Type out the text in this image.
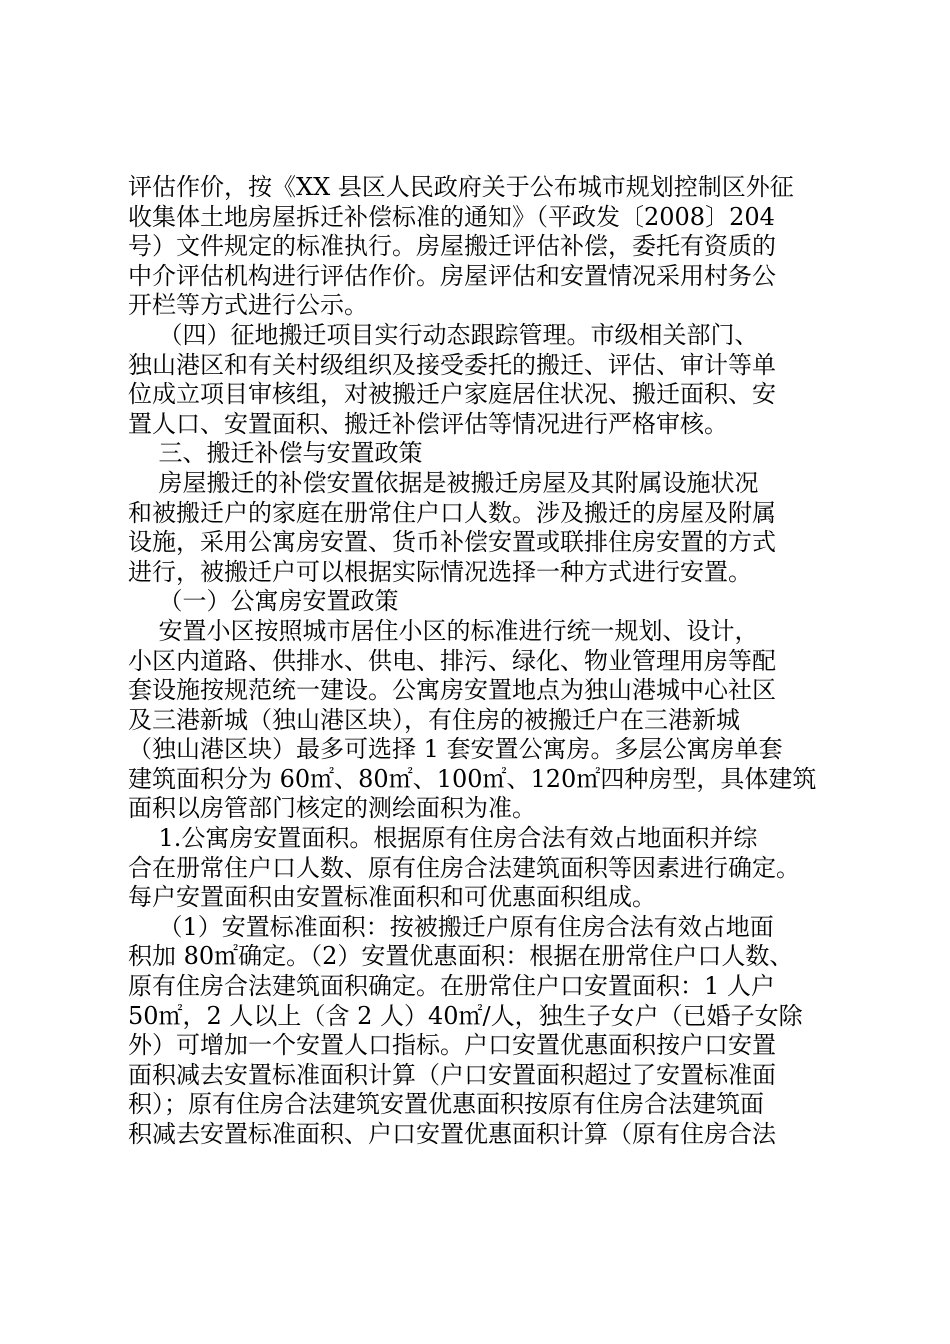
评估作价，按《XX 县区人民政府关于公布城市规划控制区外征
收集体土地房屋拆迁补偿标准的通知》（平政发〔2008〕204
号）文件规定的标准执行。房屋搬迁评估补偿，委托有资质的
中介评估机构进行评估作价。房屋评估和安置情况采用村务公
开栏等方式进行公示。
（四）征地搬迁项目实行动态跟踪管理。市级相关部门、
独山港区和有关村级组织及接受委托的搬迁、评估、审计等单
位成立项目审核组，对被搬迁户家庭居住状况、搬迁面积、安
置人口、安置面积、搬迁补偿评估等情况进行严格审核。
三、搬迁补偿与安置政策
房屋搬迁的补偿安置依据是被搬迁房屋及其附属设施状况
和被搬迁户的家庭在册常住户口人数。涉及搬迁的房屋及附属
设施，采用公寓房安置、货币补偿安置或联排住房安置的方式
进行，被搬迁户可以根据实际情况选择一种方式进行安置。
（一）公寓房安置政策
安置小区按照城市居住小区的标准进行统一规划、设计，
小区内道路、供排水、供电、排污、绿化、物业管理用房等配
套设施按规范统一建设。公寓房安置地点为独山港城中心社区
及三港新城（独山港区块），有住房的被搬迁户在三港新城
（独山港区块）最多可选择 1 套安置公寓房。多层公寓房单套
建筑面积分为 60㎡、80㎡、100㎡、120㎡四种房型，具体建筑
面积以房管部门核定的测绘面积为准。
1.公寓房安置面积。根据原有住房合法有效占地面积并综
合在册常住户口人数、原有住房合法建筑面积等因素进行确定。
每户安置面积由安置标准面积和可优惠面积组成。
（1）安置标准面积：按被搬迁户原有住房合法有效占地面
积加 80㎡确定。（2）安置优惠面积：根据在册常住户口人数、
原有住房合法建筑面积确定。在册常住户口安置面积：1 人户
50㎡，2 人以上（含 2 人）40㎡/人，独生子女户（已婚子女除
外）可增加一个安置人口指标。户口安置优惠面积按户口安置
面积减去安置标准面积计算（户口安置面积超过了安置标准面
积）；原有住房合法建筑安置优惠面积按原有住房合法建筑面
积减去安置标准面积、户口安置优惠面积计算（原有住房合法
